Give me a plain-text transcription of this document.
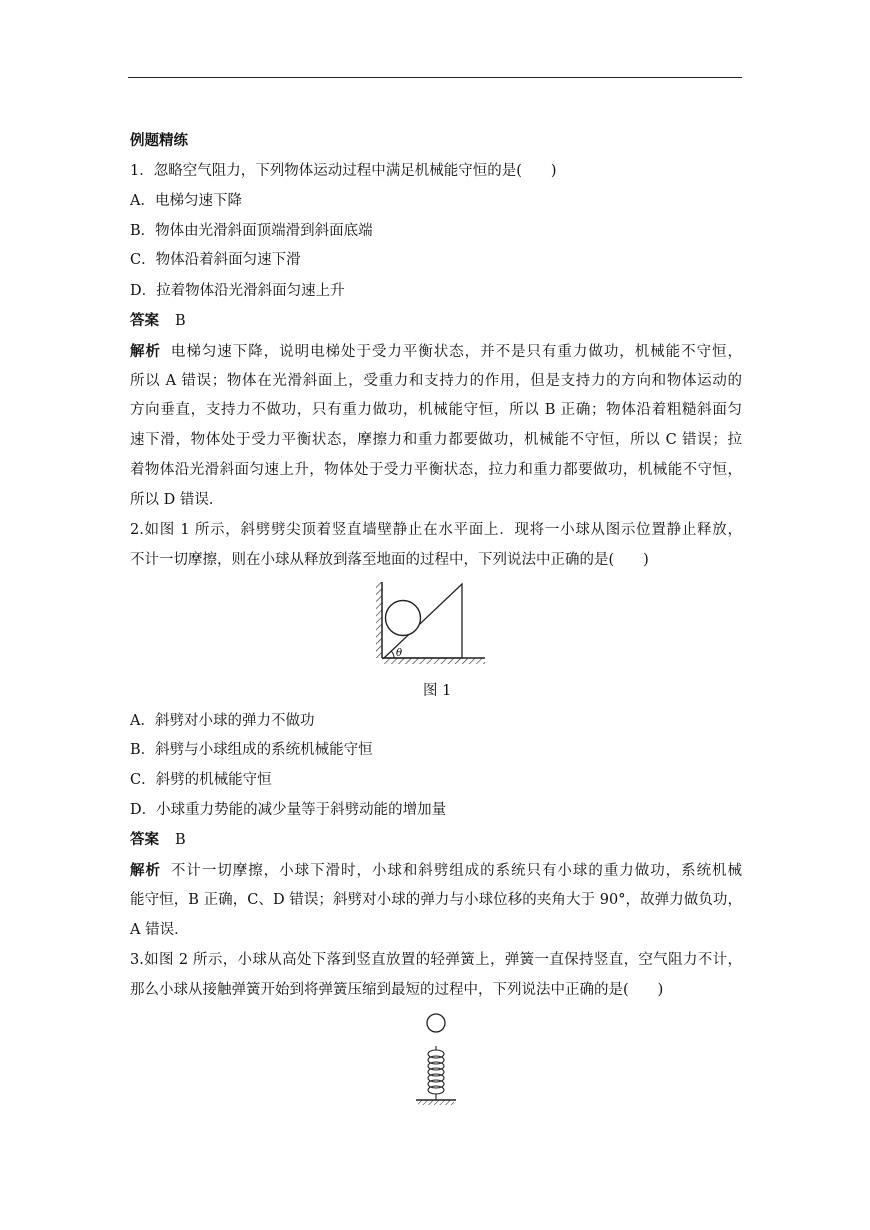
例题精练
1．忽略空气阻力，下列物体运动过程中满足机械能守恒的是(　　)
A．电梯匀速下降
B．物体由光滑斜面顶端滑到斜面底端
C．物体沿着斜面匀速下滑
D．拉着物体沿光滑斜面匀速上升
答案 B
解析 电梯匀速下降，说明电梯处于受力平衡状态，并不是只有重力做功，机械能不守恒，
所以 A 错误；物体在光滑斜面上，受重力和支持力的作用，但是支持力的方向和物体运动的
方向垂直，支持力不做功，只有重力做功，机械能守恒，所以 B 正确；物体沿着粗糙斜面匀
速下滑，物体处于受力平衡状态，摩擦力和重力都要做功，机械能不守恒，所以 C 错误；拉
着物体沿光滑斜面匀速上升，物体处于受力平衡状态，拉力和重力都要做功，机械能不守恒，
所以 D 错误．
2.如图 1 所示，斜劈劈尖顶着竖直墙壁静止在水平面上．现将一小球从图示位置静止释放，
不计一切摩擦，则在小球从释放到落至地面的过程中，下列说法中正确的是(　　)
θ
图 1
A．斜劈对小球的弹力不做功
B．斜劈与小球组成的系统机械能守恒
C．斜劈的机械能守恒
D．小球重力势能的减少量等于斜劈动能的增加量
答案 B
解析 不计一切摩擦，小球下滑时，小球和斜劈组成的系统只有小球的重力做功，系统机械
能守恒，B 正确，C、D 错误；斜劈对小球的弹力与小球位移的夹角大于 90°，故弹力做负功，
A 错误．
3.如图 2 所示，小球从高处下落到竖直放置的轻弹簧上，弹簧一直保持竖直，空气阻力不计，
那么小球从接触弹簧开始到将弹簧压缩到最短的过程中，下列说法中正确的是(　　)
